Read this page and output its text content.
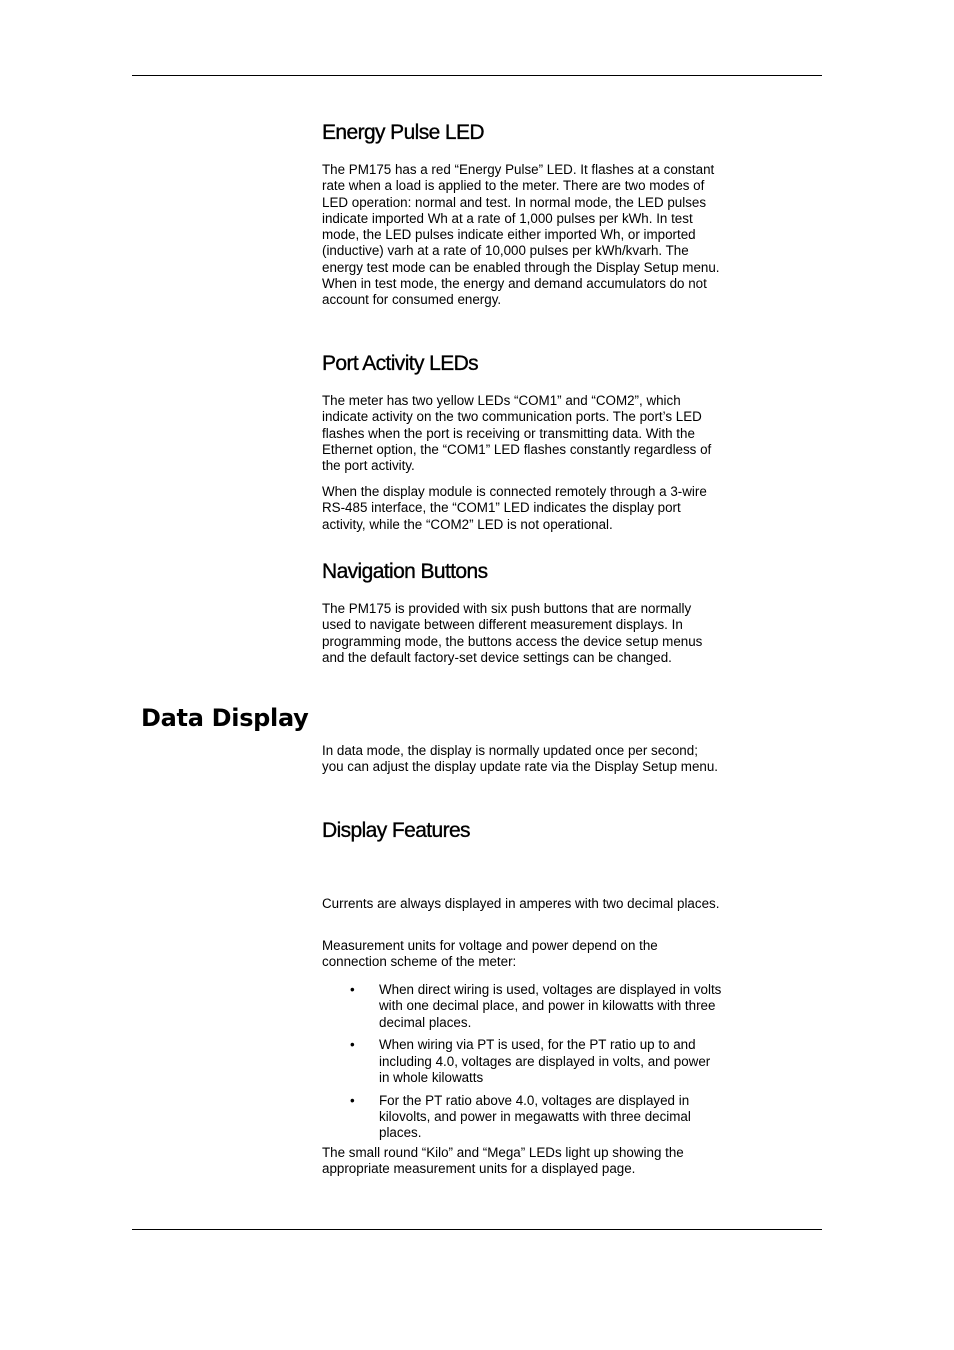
Energy Pulse LED

The PM175 has a red “Energy Pulse” LED. It flashes at a constant rate when a load is applied to the meter. There are two modes of LED operation: normal and test. In normal mode, the LED pulses indicate imported Wh at a rate of 1,000 pulses per kWh. In test mode, the LED pulses indicate either imported Wh, or imported (inductive) varh at a rate of 10,000 pulses per kWh/kvarh. The energy test mode can be enabled through the Display Setup menu. When in test mode, the energy and demand accumulators do not account for consumed energy.

Port Activity LEDs

The meter has two yellow LEDs “COM1” and “COM2”, which indicate activity on the two communication ports. The port’s LED flashes when the port is receiving or transmitting data. With the Ethernet option, the “COM1” LED flashes constantly regardless of the port activity.

When the display module is connected remotely through a 3-wire RS-485 interface, the “COM1” LED indicates the display port activity, while the “COM2” LED is not operational.

Navigation Buttons

The PM175 is provided with six push buttons that are normally used to navigate between different measurement displays. In programming mode, the buttons access the device setup menus and the default factory-set device settings can be changed.

Data Display

In data mode, the display is normally updated once per second; you can adjust the display update rate via the Display Setup menu.

Display Features

Currents are always displayed in amperes with two decimal places.

Measurement units for voltage and power depend on the connection scheme of the meter:

• When direct wiring is used, voltages are displayed in volts with one decimal place, and power in kilowatts with three decimal places.
• When wiring via PT is used, for the PT ratio up to and including 4.0, voltages are displayed in volts, and power in whole kilowatts
• For the PT ratio above 4.0, voltages are displayed in kilovolts, and power in megawatts with three decimal places.

The small round “Kilo” and “Mega” LEDs light up showing the appropriate measurement units for a displayed page.
